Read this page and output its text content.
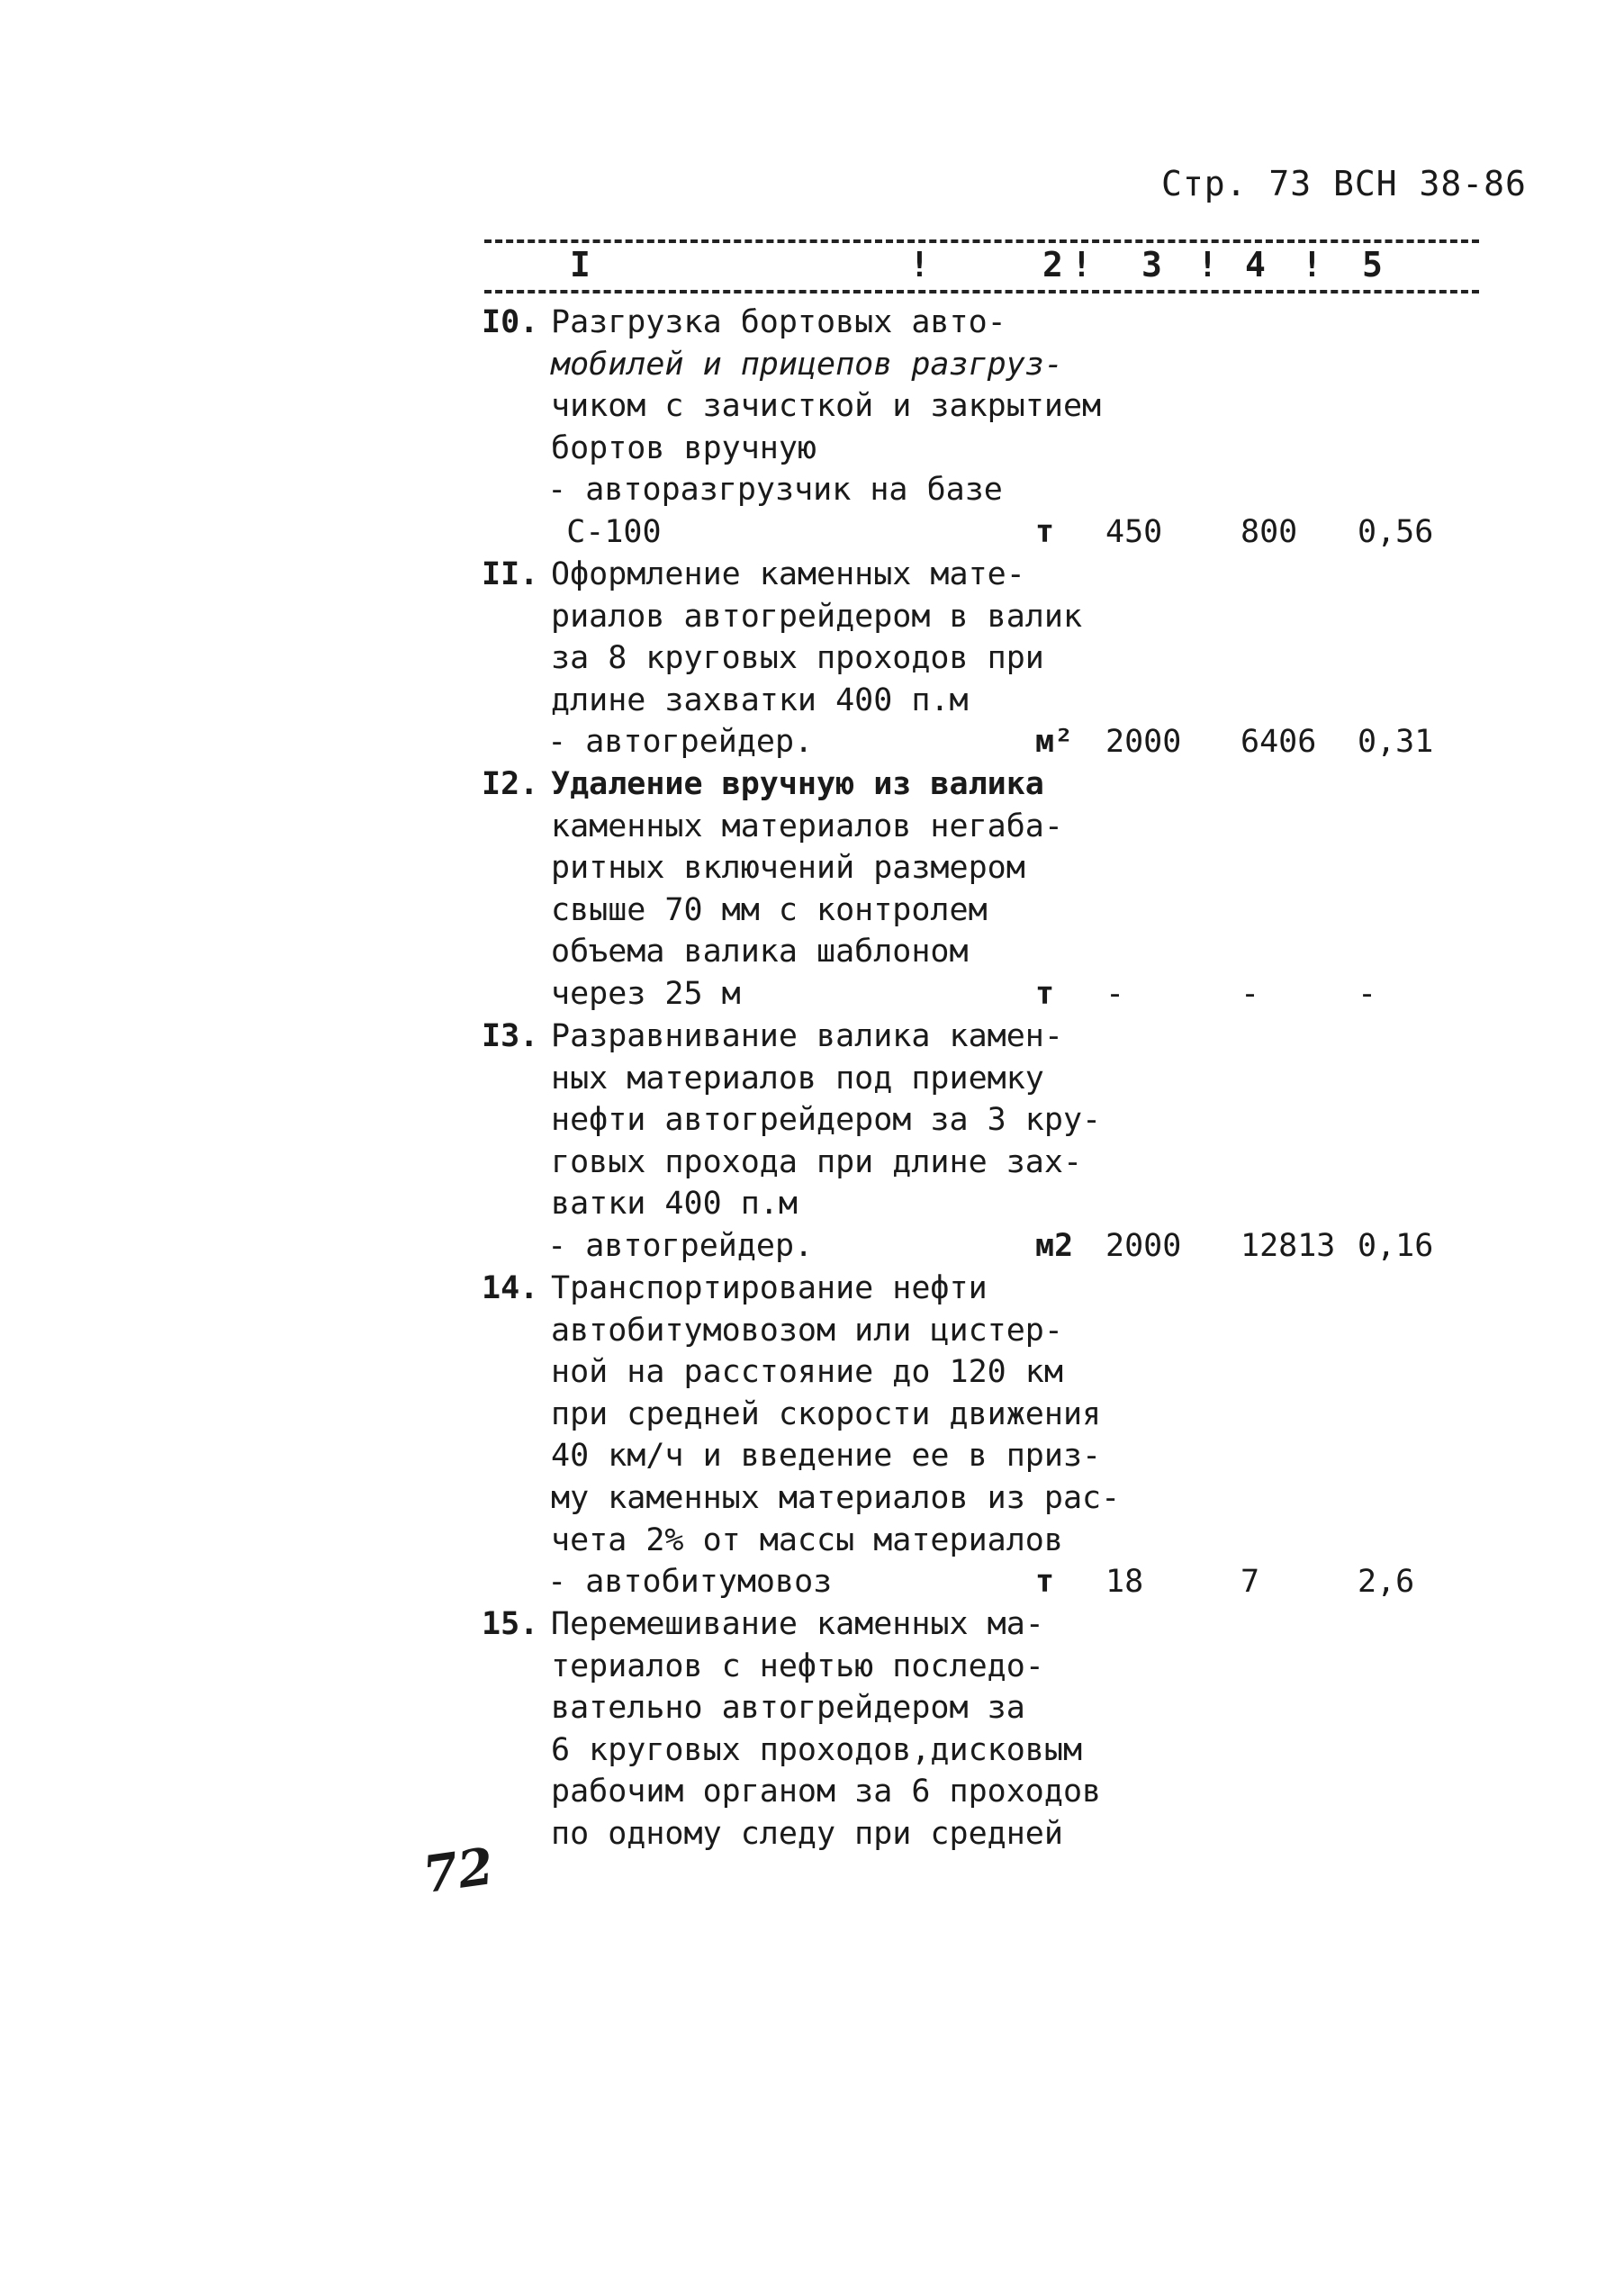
Стр. 73 ВСН 38-86
I	!	2 ! 3 ! 4 ! 5
I0. Разгрузка бортовых авто-
мобилей и прицепов разгруз-
чиком с зачисткой и закрытием
бортов вручную
- авторазгрузчик на базе
С-100	т 450 800 0,56
II. Оформление каменных мате-
риалов автогрейдером в валик
за 8 круговых проходов при
длине захватки 400 п.м
- автогрейдер.	м² 2000 6406 0,31
I2. Удаление вручную из валика
каменных материалов негаба-
ритных включений размером
свыше 70 мм с контролем
объема валика шаблоном
через 25 м	т -	-	-
I3. Разравнивание валика камен-
ных материалов под приемку
нефти автогрейдером за 3 кру-
говых прохода при длине зах-
ватки 400 п.м
- автогрейдер.	м2 2000 12813 0,16
14. Транспортирование нефти
автобитумовозом или цистер-
ной на расстояние до 120 км
при средней скорости движения
40 км/ч и введение ее в приз-
му каменных материалов из рас-
чета 2% от массы материалов
- автобитумовоз	т 18	7	2,6
15. Перемешивание каменных ма-
териалов с нефтью последо-
вательно автогрейдером за
6 круговых проходов,дисковым
рабочим органом за 6 проходов
по одному следу при средней
72
